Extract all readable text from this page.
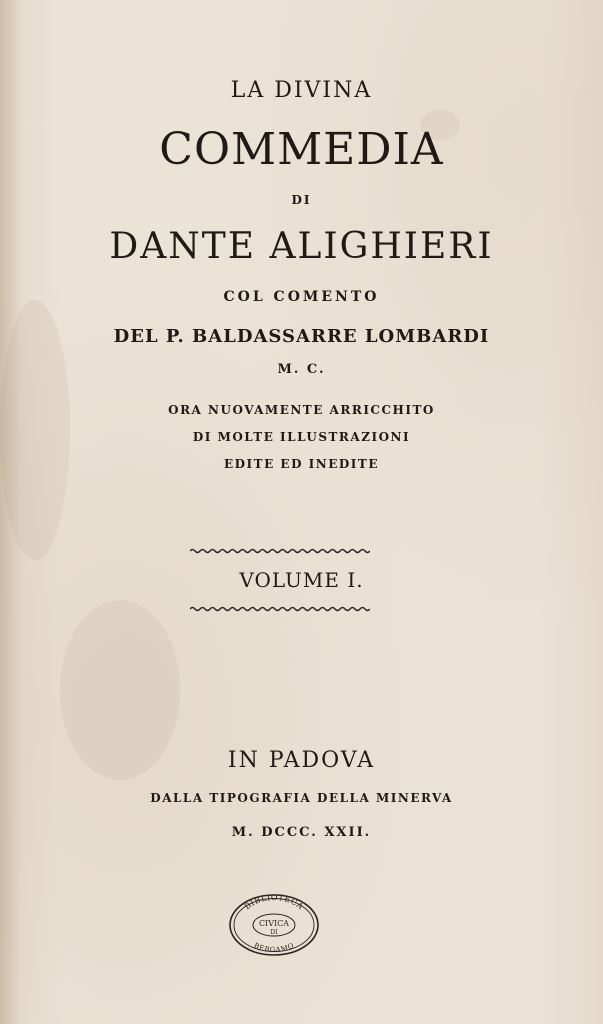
LA DIVINA
COMMEDIA
DI
DANTE ALIGHIERI
COL COMENTO
DEL P. BALDASSARRE LOMBARDI
M. C.
ORA NUOVAMENTE ARRICCHITO
DI MOLTE ILLUSTRAZIONI
EDITE ED INEDITE
VOLUME I.
IN PADOVA
DALLA TIPOGRAFIA DELLA MINERVA
M. DCCC. XXII.
BIBLIOTECA
CIVICA
DI
BERGAMO
